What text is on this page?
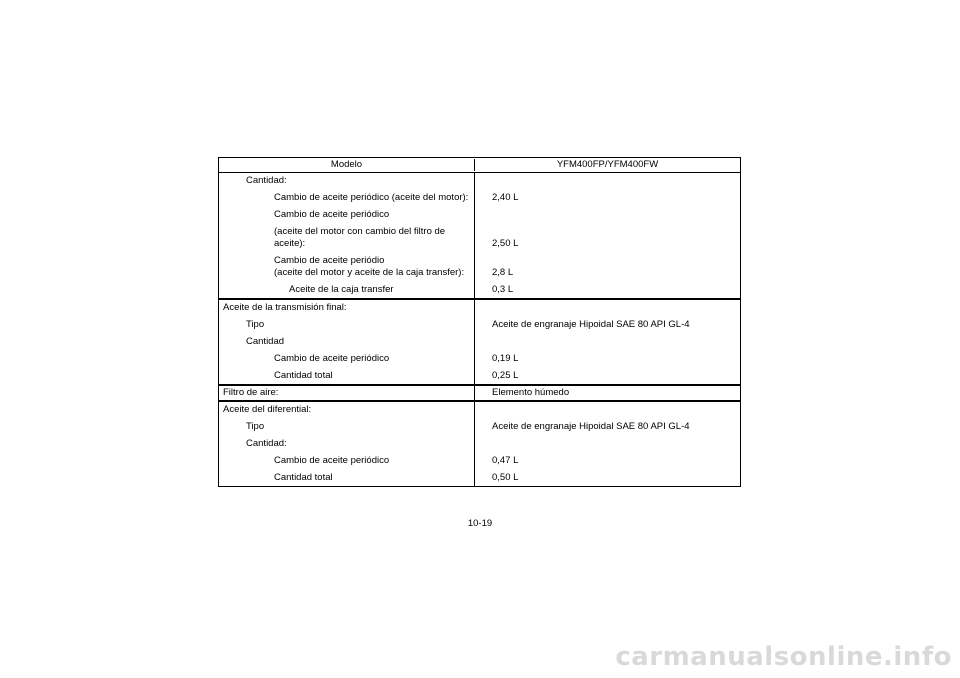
Modelo	YFM400FP/YFM400FW
Cantidad:
Cambio de aceite periódico (aceite del motor):	2,40 L
Cambio de aceite periódico
(aceite del motor con cambio del filtro de
aceite):	2,50 L
Cambio de aceite periódio
(aceite del motor y aceite de la caja transfer):	2,8 L
Aceite de la caja transfer	0,3 L
Aceite de la transmisión final:
Tipo	Aceite de engranaje Hipoidal SAE 80 API GL-4
Cantidad
Cambio de aceite periódico	0,19 L
Cantidad total	0,25 L
Filtro de aire:	Elemento húmedo
Aceite del diferential:
Tipo	Aceite de engranaje Hipoidal SAE 80 API GL-4
Cantidad:
Cambio de aceite periódico	0,47 L
Cantidad total	0,50 L
10-19
carmanualsonline.info
